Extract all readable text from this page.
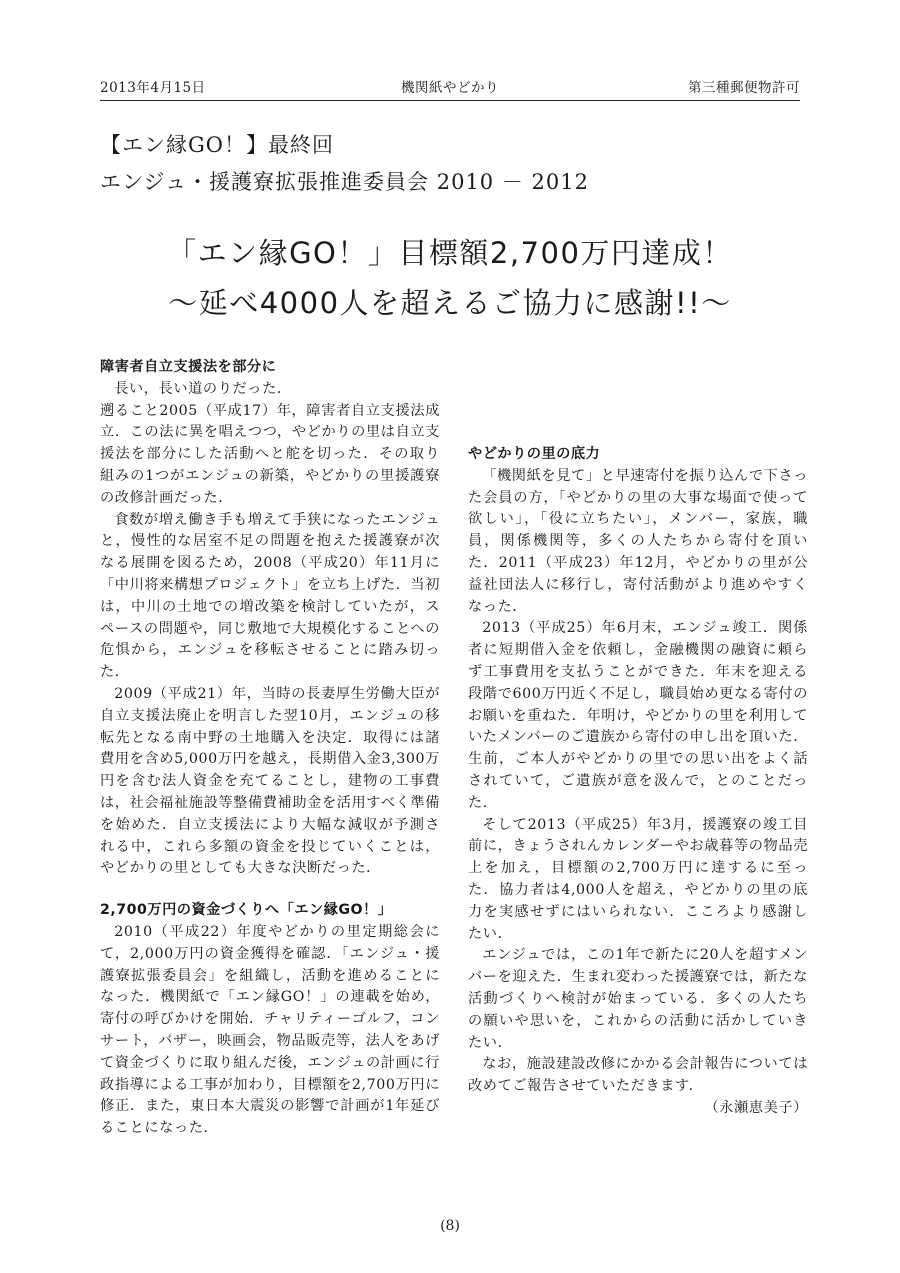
2013年4月15日	機関紙やどかり	第三種郵便物許可
【エン縁GO！】最終回
エンジュ・援護寮拡張推進委員会 2010 － 2012
「エン縁GO！」目標額2,700万円達成！
～延べ4000人を超えるご協力に感謝!!～
障害者自立支援法を部分に

長い，長い道のりだった．

遡ること2005（平成17）年，障害者自立支援法成立．この法に異を唱えつつ，やどかりの里は自立支援法を部分にした活動へと舵を切った．その取り組みの1つがエンジュの新築，やどかりの里援護寮の改修計画だった．

食数が増え働き手も増えて手狭になったエンジュと，慢性的な居室不足の問題を抱えた援護寮が次なる展開を図るため，2008（平成20）年11月に「中川将来構想プロジェクト」を立ち上げた．当初は，中川の土地での増改築を検討していたが，スペースの問題や，同じ敷地で大規模化することへの危惧から，エンジュを移転させることに踏み切った．

2009（平成21）年，当時の長妻厚生労働大臣が自立支援法廃止を明言した翌10月，エンジュの移転先となる南中野の土地購入を決定．取得には諸費用を含め5,000万円を越え，長期借入金3,300万円を含む法人資金を充てることし，建物の工事費は，社会福祉施設等整備費補助金を活用すべく準備を始めた．自立支援法により大幅な減収が予測される中，これら多額の資金を投じていくことは，やどかりの里としても大きな決断だった．

2,700万円の資金づくりへ「エン縁GO！」

2010（平成22）年度やどかりの里定期総会にて，2,000万円の資金獲得を確認．「エンジュ・援護寮拡張委員会」を組織し，活動を進めることになった．機関紙で「エン縁GO！」の連載を始め，寄付の呼びかけを開始．チャリティーゴルフ，コンサート，バザー，映画会，物品販売等，法人をあげて資金づくりに取り組んだ後，エンジュの計画に行政指導による工事が加わり，目標額を2,700万円に修正．また，東日本大震災の影響で計画が1年延びることになった．

やどかりの里の底力

「機関紙を見て」と早速寄付を振り込んで下さった会員の方，「やどかりの里の大事な場面で使って欲しい」，「役に立ちたい」，メンバー，家族，職員，関係機関等，多くの人たちから寄付を頂いた．2011（平成23）年12月，やどかりの里が公益社団法人に移行し，寄付活動がより進めやすくなった．

2013（平成25）年6月末，エンジュ竣工．関係者に短期借入金を依頼し，金融機関の融資に頼らず工事費用を支払うことができた．年末を迎える段階で600万円近く不足し，職員始め更なる寄付のお願いを重ねた．年明け，やどかりの里を利用していたメンバーのご遺族から寄付の申し出を頂いた．生前，ご本人がやどかりの里での思い出をよく話されていて，ご遺族が意を汲んで，とのことだった．

そして2013（平成25）年3月，援護寮の竣工目前に，きょうされんカレンダーやお歳暮等の物品売上を加え，目標額の2,700万円に達するに至った．協力者は4,000人を超え，やどかりの里の底力を実感せずにはいられない．こころより感謝したい．

エンジュでは，この1年で新たに20人を超すメンバーを迎えた．生まれ変わった援護寮では，新たな活動づくりへ検討が始まっている．多くの人たちの願いや思いを，これからの活動に活かしていきたい．

なお，施設建設改修にかかる会計報告については改めてご報告させていただきます．

（永瀬恵美子）
(8)
